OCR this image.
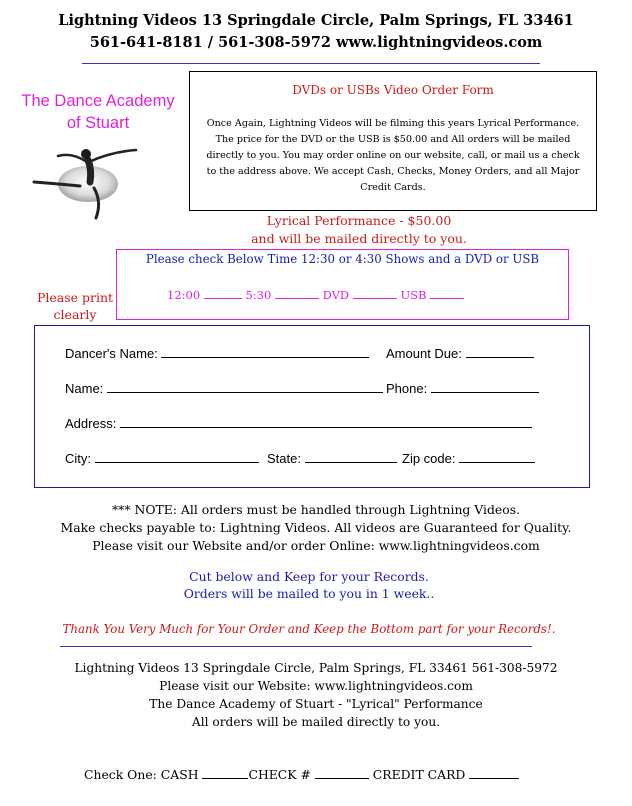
Lightning Videos 13 Springdale Circle, Palm Springs, FL 33461
561-641-8181 / 561-308-5972 www.lightningvideos.com
The Dance Academy
of Stuart
DVDs or USBs Video Order Form
Once Again, Lightning Videos will be filming this years Lyrical Performance. The price for the DVD or the USB is $50.00 and All orders will be mailed directly to you. You may order online on our website, call, or mail us a check to the address above. We accept Cash, Checks, Money Orders, and all Major Credit Cards.
Lyrical Performance - $50.00
and will be mailed directly to you.
Please check Below Time 12:30 or 4:30 Shows and a DVD or USB
12:00	5:30	DVD	USB
Please print
clearly
Dancer's Name:	Amount Due:
Name:	Phone:
Address:
City:	State:	Zip code:
*** NOTE: All orders must be handled through Lightning Videos.
Make checks payable to: Lightning Videos. All videos are Guaranteed for Quality.
Please visit our Website and/or order Online: www.lightningvideos.com
Cut below and Keep for your Records.
Orders will be mailed to you in 1 week..
Thank You Very Much for Your Order and Keep the Bottom part for your Records!.
Lightning Videos 13 Springdale Circle, Palm Springs, FL 33461 561-308-5972
Please visit our Website: www.lightningvideos.com
The Dance Academy of Stuart - "Lyrical" Performance
All orders will be mailed directly to you.
Check One: CASH	CHECK #	CREDIT CARD
